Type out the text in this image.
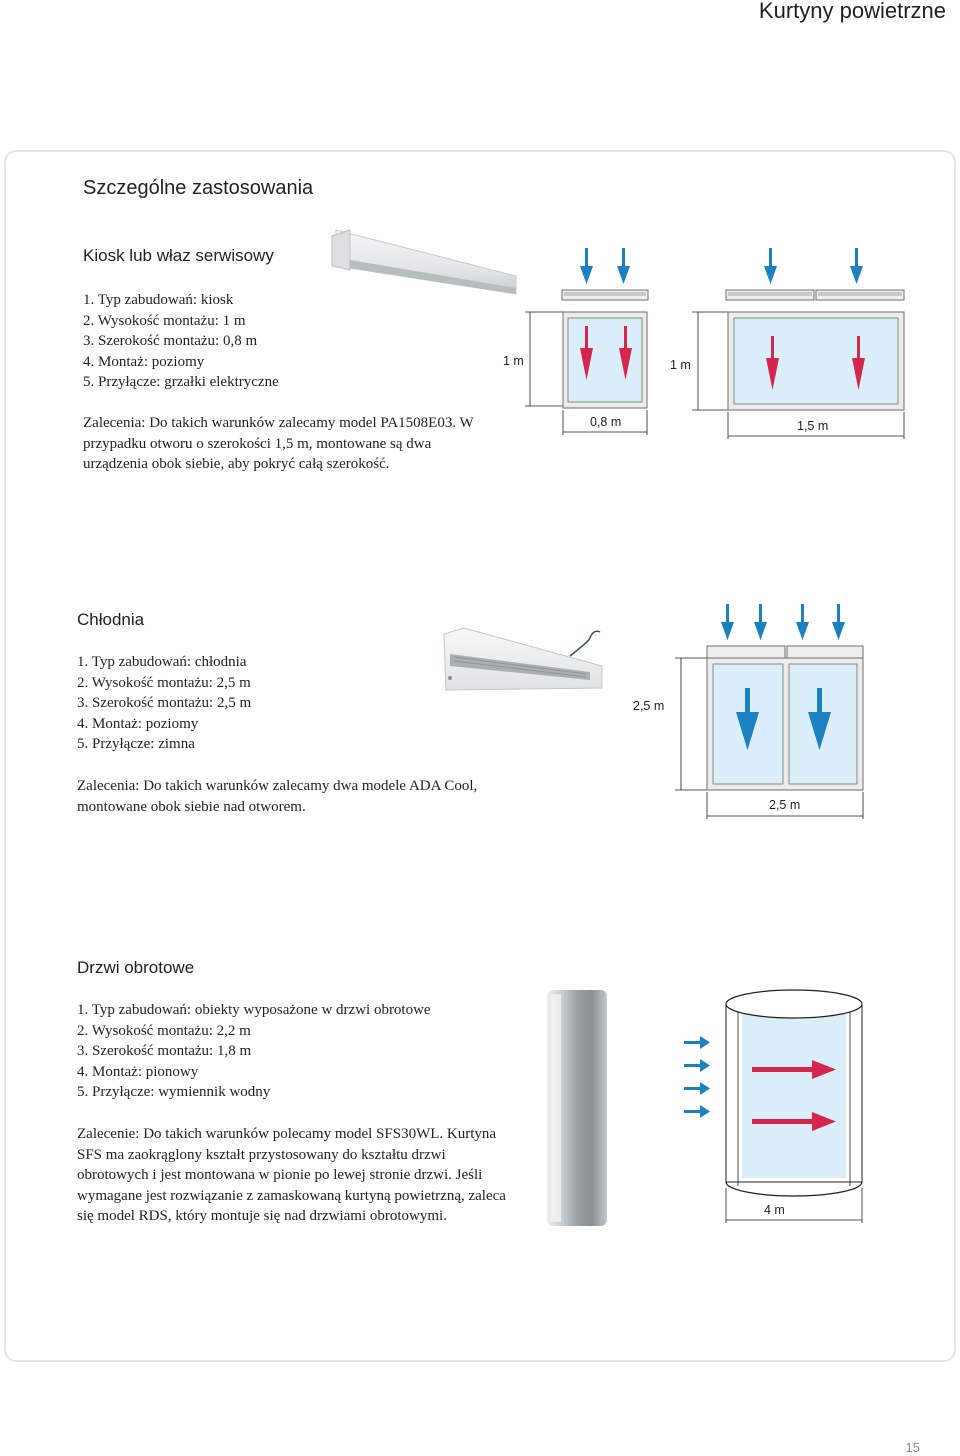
Kurtyny powietrzne
Szczególne zastosowania
Kiosk lub właz serwisowy
1. Typ zabudowań: kiosk
2. Wysokość montażu: 1 m
3. Szerokość montażu: 0,8 m
4. Montaż: poziomy
5. Przyłącze: grzałki elektryczne

Zalecenia: Do takich warunków zalecamy model PA1508E03. W przypadku otworu o szerokości 1,5 m, montowane są dwa urządzenia obok siebie, aby pokryć całą szerokość.

1 m
0,8 m
1 m
1,5 m
Chłodnia
1. Typ zabudowań: chłodnia
2. Wysokość montażu: 2,5 m
3. Szerokość montażu: 2,5 m
4. Montaż: poziomy
5. Przyłącze: zimna

Zalecenia: Do takich warunków zalecamy dwa modele ADA Cool, montowane obok siebie nad otworem.

2,5 m
2,5 m
Drzwi obrotowe
1. Typ zabudowań: obiekty wyposażone w drzwi obrotowe
2. Wysokość montażu: 2,2 m
3. Szerokość montażu: 1,8 m
4. Montaż: pionowy
5. Przyłącze: wymiennik wodny

Zalecenie: Do takich warunków polecamy model SFS30WL. Kurtyna SFS ma zaokrąglony kształt przystosowany do kształtu drzwi obrotowych i jest montowana w pionie po lewej stronie drzwi. Jeśli wymagane jest rozwiązanie z zamaskowaną kurtyną powietrzną, zaleca się model RDS, który montuje się nad drzwiami obrotowymi.	4 m
15
